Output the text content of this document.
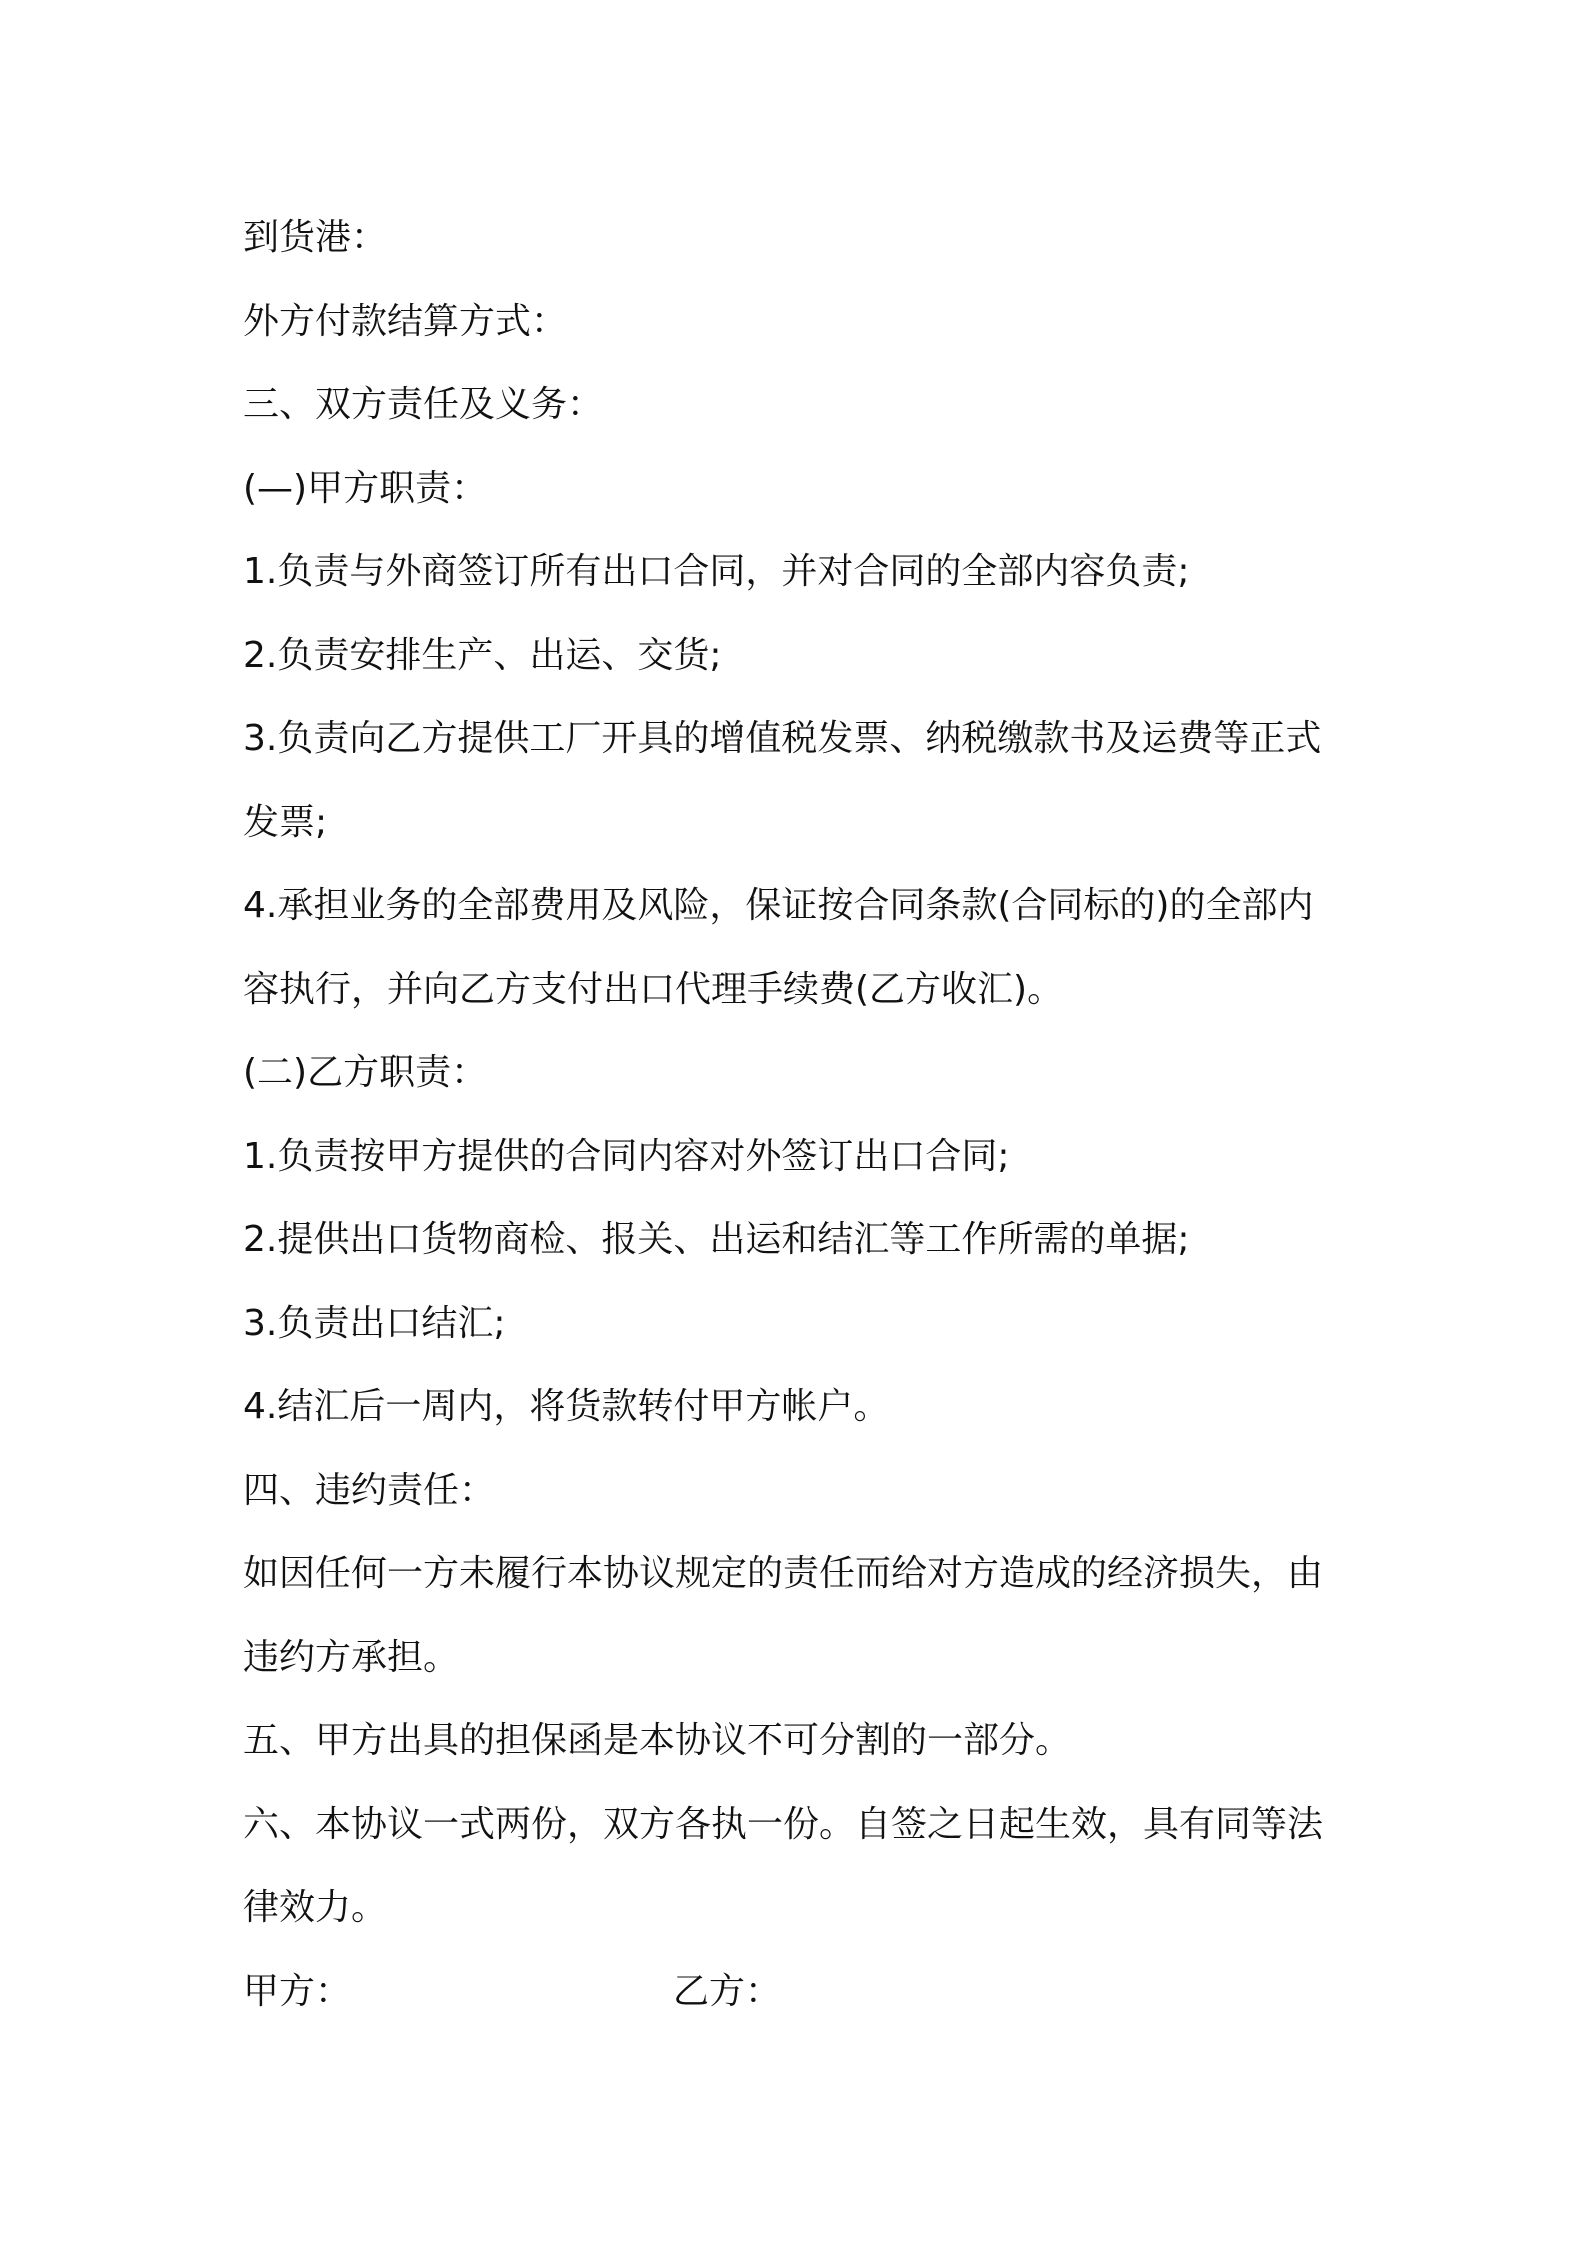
到货港：
外方付款结算方式：
三、双方责任及义务：
(—)甲方职责：
1.负责与外商签订所有出口合同，并对合同的全部内容负责;
2.负责安排生产、出运、交货;
3.负责向乙方提供工厂开具的增值税发票、纳税缴款书及运费等正式
发票;
4.承担业务的全部费用及风险，保证按合同条款(合同标的)的全部内
容执行，并向乙方支付出口代理手续费(乙方收汇)。
(二)乙方职责：
1.负责按甲方提供的合同内容对外签订出口合同;
2.提供出口货物商检、报关、出运和结汇等工作所需的单据;
3.负责出口结汇;
4.结汇后一周内，将货款转付甲方帐户。
四、违约责任：
如因任何一方未履行本协议规定的责任而给对方造成的经济损失，由
违约方承担。
五、甲方出具的担保函是本协议不可分割的一部分。
六、本协议一式两份，双方各执一份。自签之日起生效，具有同等法
律效力。
甲方：	乙方：
